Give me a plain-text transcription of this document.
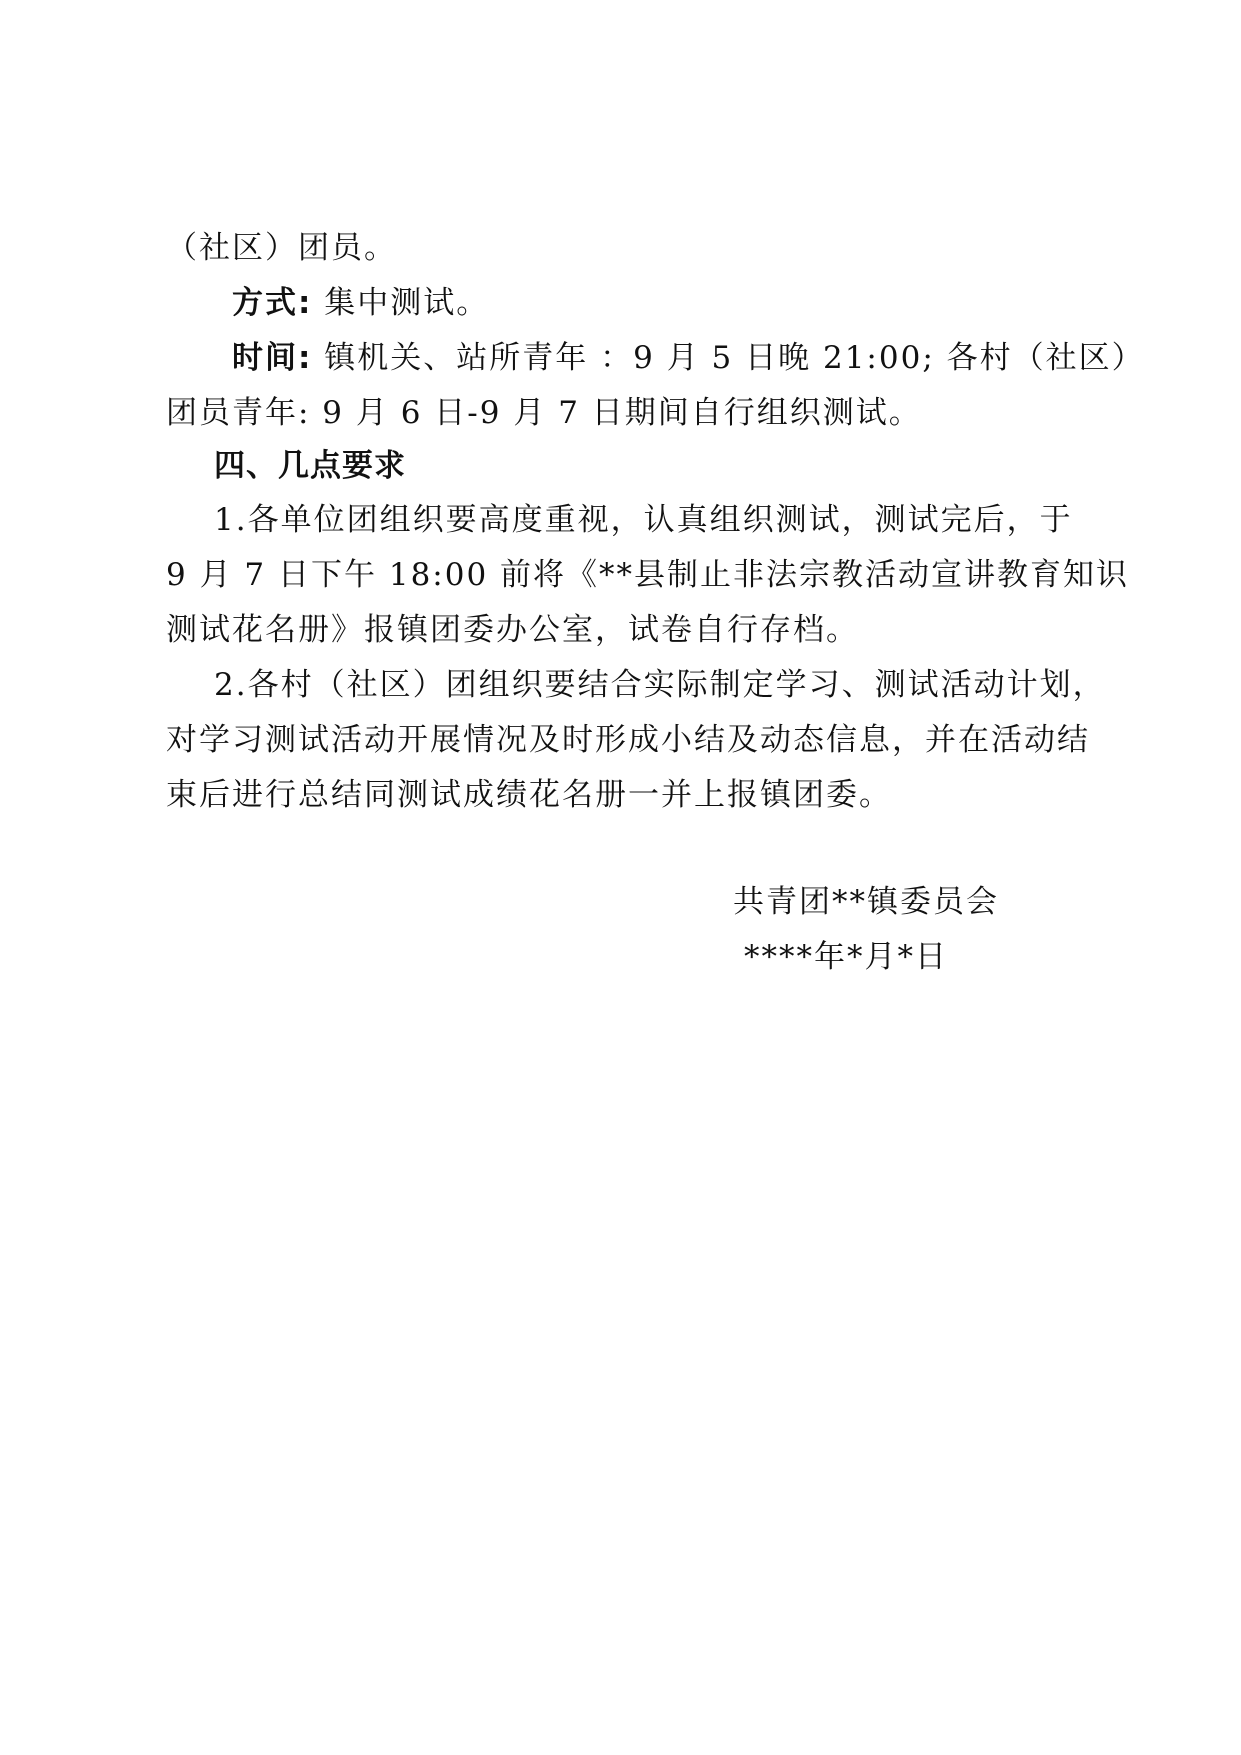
（社区）团员。
方式: 集中测试。
时间: 镇机关、站所青年 ：9 月 5 日晚 21:00; 各村（社区）
团员青年: 9 月 6 日-9 月 7 日期间自行组织测试。
四、几点要求
1.各单位团组织要高度重视，认真组织测试，测试完后，于
9 月 7 日下午 18:00 前将《**县制止非法宗教活动宣讲教育知识
测试花名册》报镇团委办公室，试卷自行存档。
2.各村（社区）团组织要结合实际制定学习、测试活动计划，
对学习测试活动开展情况及时形成小结及动态信息，并在活动结
束后进行总结同测试成绩花名册一并上报镇团委。
共青团**镇委员会
****年*月*日
